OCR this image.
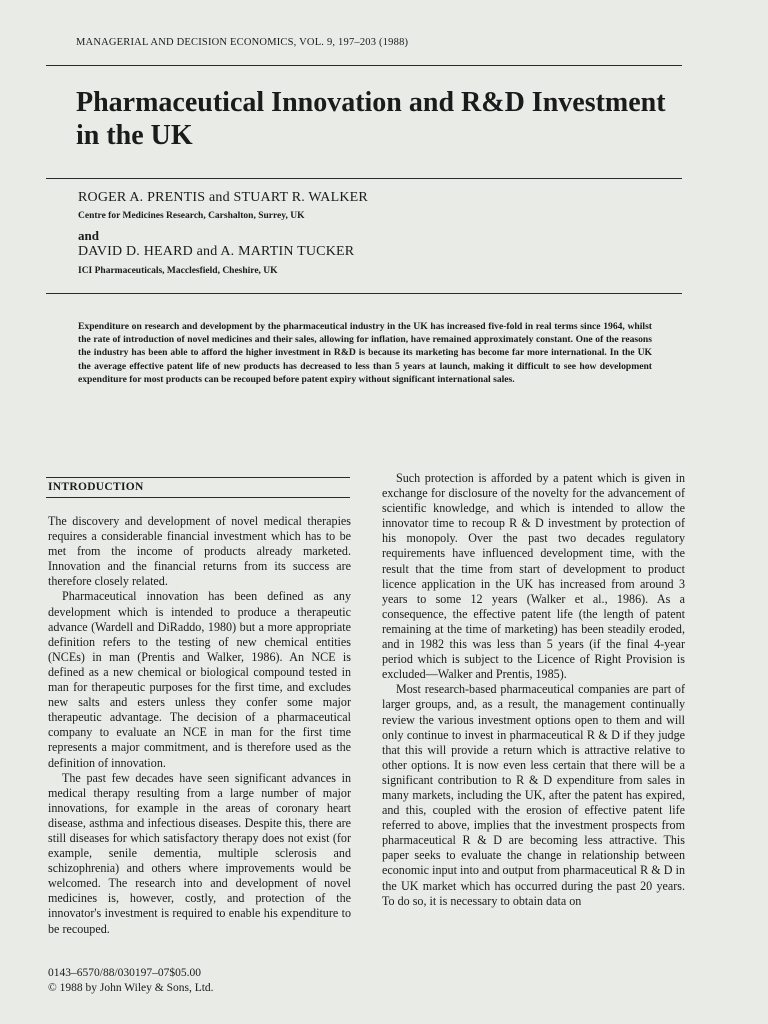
MANAGERIAL AND DECISION ECONOMICS, VOL. 9, 197–203 (1988)
Pharmaceutical Innovation and R&D Investment in the UK
ROGER A. PRENTIS and STUART R. WALKER
Centre for Medicines Research, Carshalton, Surrey, UK
and
DAVID D. HEARD and A. MARTIN TUCKER
ICI Pharmaceuticals, Macclesfield, Cheshire, UK

Expenditure on research and development by the pharmaceutical industry in the UK has increased five-fold in real terms since 1964, whilst the rate of introduction of novel medicines and their sales, allowing for inflation, have remained approximately constant. One of the reasons the industry has been able to afford the higher investment in R&D is because its marketing has become far more international. In the UK the average effective patent life of new products has decreased to less than 5 years at launch, making it difficult to see how development expenditure for most products can be recouped before patent expiry without significant international sales.

INTRODUCTION

The discovery and development of novel medical therapies requires a considerable financial investment which has to be met from the income of products already marketed. Innovation and the financial returns from its success are therefore closely related.

Pharmaceutical innovation has been defined as any development which is intended to produce a therapeutic advance (Wardell and DiRaddo, 1980) but a more appropriate definition refers to the testing of new chemical entities (NCEs) in man (Prentis and Walker, 1986). An NCE is defined as a new chemical or biological compound tested in man for therapeutic purposes for the first time, and excludes new salts and esters unless they confer some major therapeutic advantage. The decision of a pharmaceutical company to evaluate an NCE in man for the first time represents a major commitment, and is therefore used as the definition of innovation.

The past few decades have seen significant advances in medical therapy resulting from a large number of major innovations, for example in the areas of coronary heart disease, asthma and infectious diseases. Despite this, there are still diseases for which satisfactory therapy does not exist (for example, senile dementia, multiple sclerosis and schizophrenia) and others where improvements would be welcomed. The research into and development of novel medicines is, however, costly, and protection of the innovator's investment is required to enable his expenditure to be recouped.

Such protection is afforded by a patent which is given in exchange for disclosure of the novelty for the advancement of scientific knowledge, and which is intended to allow the innovator time to recoup R & D investment by protection of his monopoly. Over the past two decades regulatory requirements have influenced development time, with the result that the time from start of development to product licence application in the UK has increased from around 3 years to some 12 years (Walker et al., 1986). As a consequence, the effective patent life (the length of patent remaining at the time of marketing) has been steadily eroded, and in 1982 this was less than 5 years (if the final 4-year period which is subject to the Licence of Right Provision is excluded—Walker and Prentis, 1985).

Most research-based pharmaceutical companies are part of larger groups, and, as a result, the management continually review the various investment options open to them and will only continue to invest in pharmaceutical R & D if they judge that this will provide a return which is attractive relative to other options. It is now even less certain that there will be a significant contribution to R & D expenditure from sales in many markets, including the UK, after the patent has expired, and this, coupled with the erosion of effective patent life referred to above, implies that the investment prospects from pharmaceutical R & D are becoming less attractive. This paper seeks to evaluate the change in relationship between economic input into and output from pharmaceutical R & D in the UK market which has occurred during the past 20 years. To do so, it is necessary to obtain data on

0143–6570/88/030197–07$05.00
© 1988 by John Wiley & Sons, Ltd.
